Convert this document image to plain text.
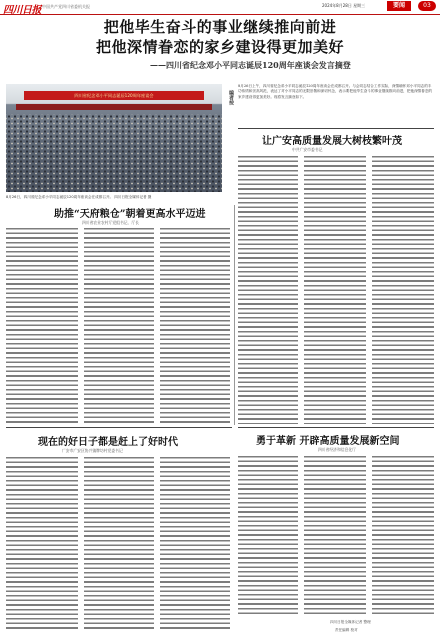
四川日报 中国共产党四川省委机关报	2024年8月28日 星期三	要闻	03
把他毕生奋斗的事业继续推向前进
把他深情眷恋的家乡建设得更加美好
——四川省纪念邓小平同志诞辰120周年座谈会发言摘登
四川省纪念邓小平同志诞辰120周年座谈会
8月26日，四川省纪念邓小平同志诞辰120周年座谈会在成都召开。 四川日报全媒体记者 摄
编者按
8月26日上午，四川省纪念邓小平同志诞辰120周年座谈会在成都召开。与会同志结合工作实际，深情缅怀邓小平同志的丰功伟绩和崇高风范，表达了对小平同志的无限崇敬和深切怀念，表示要把他毕生奋斗的事业继续推向前进，把他深情眷恋的家乡建设得更加美好。现将发言摘登如下。
让广安高质量发展大树枝繁叶茂
中共广安市委书记
助推“天府粮仓”朝着更高水平迈进
四川省农业农村厅党组书记、厅长
勇于革新 开辟高质量发展新空间
四川省经济和信息化厅
现在的好日子都是赶上了好时代
广安市广安区协兴镇牌坊村党委书记
四川日报全媒体记者 整理
责任编辑 校对
